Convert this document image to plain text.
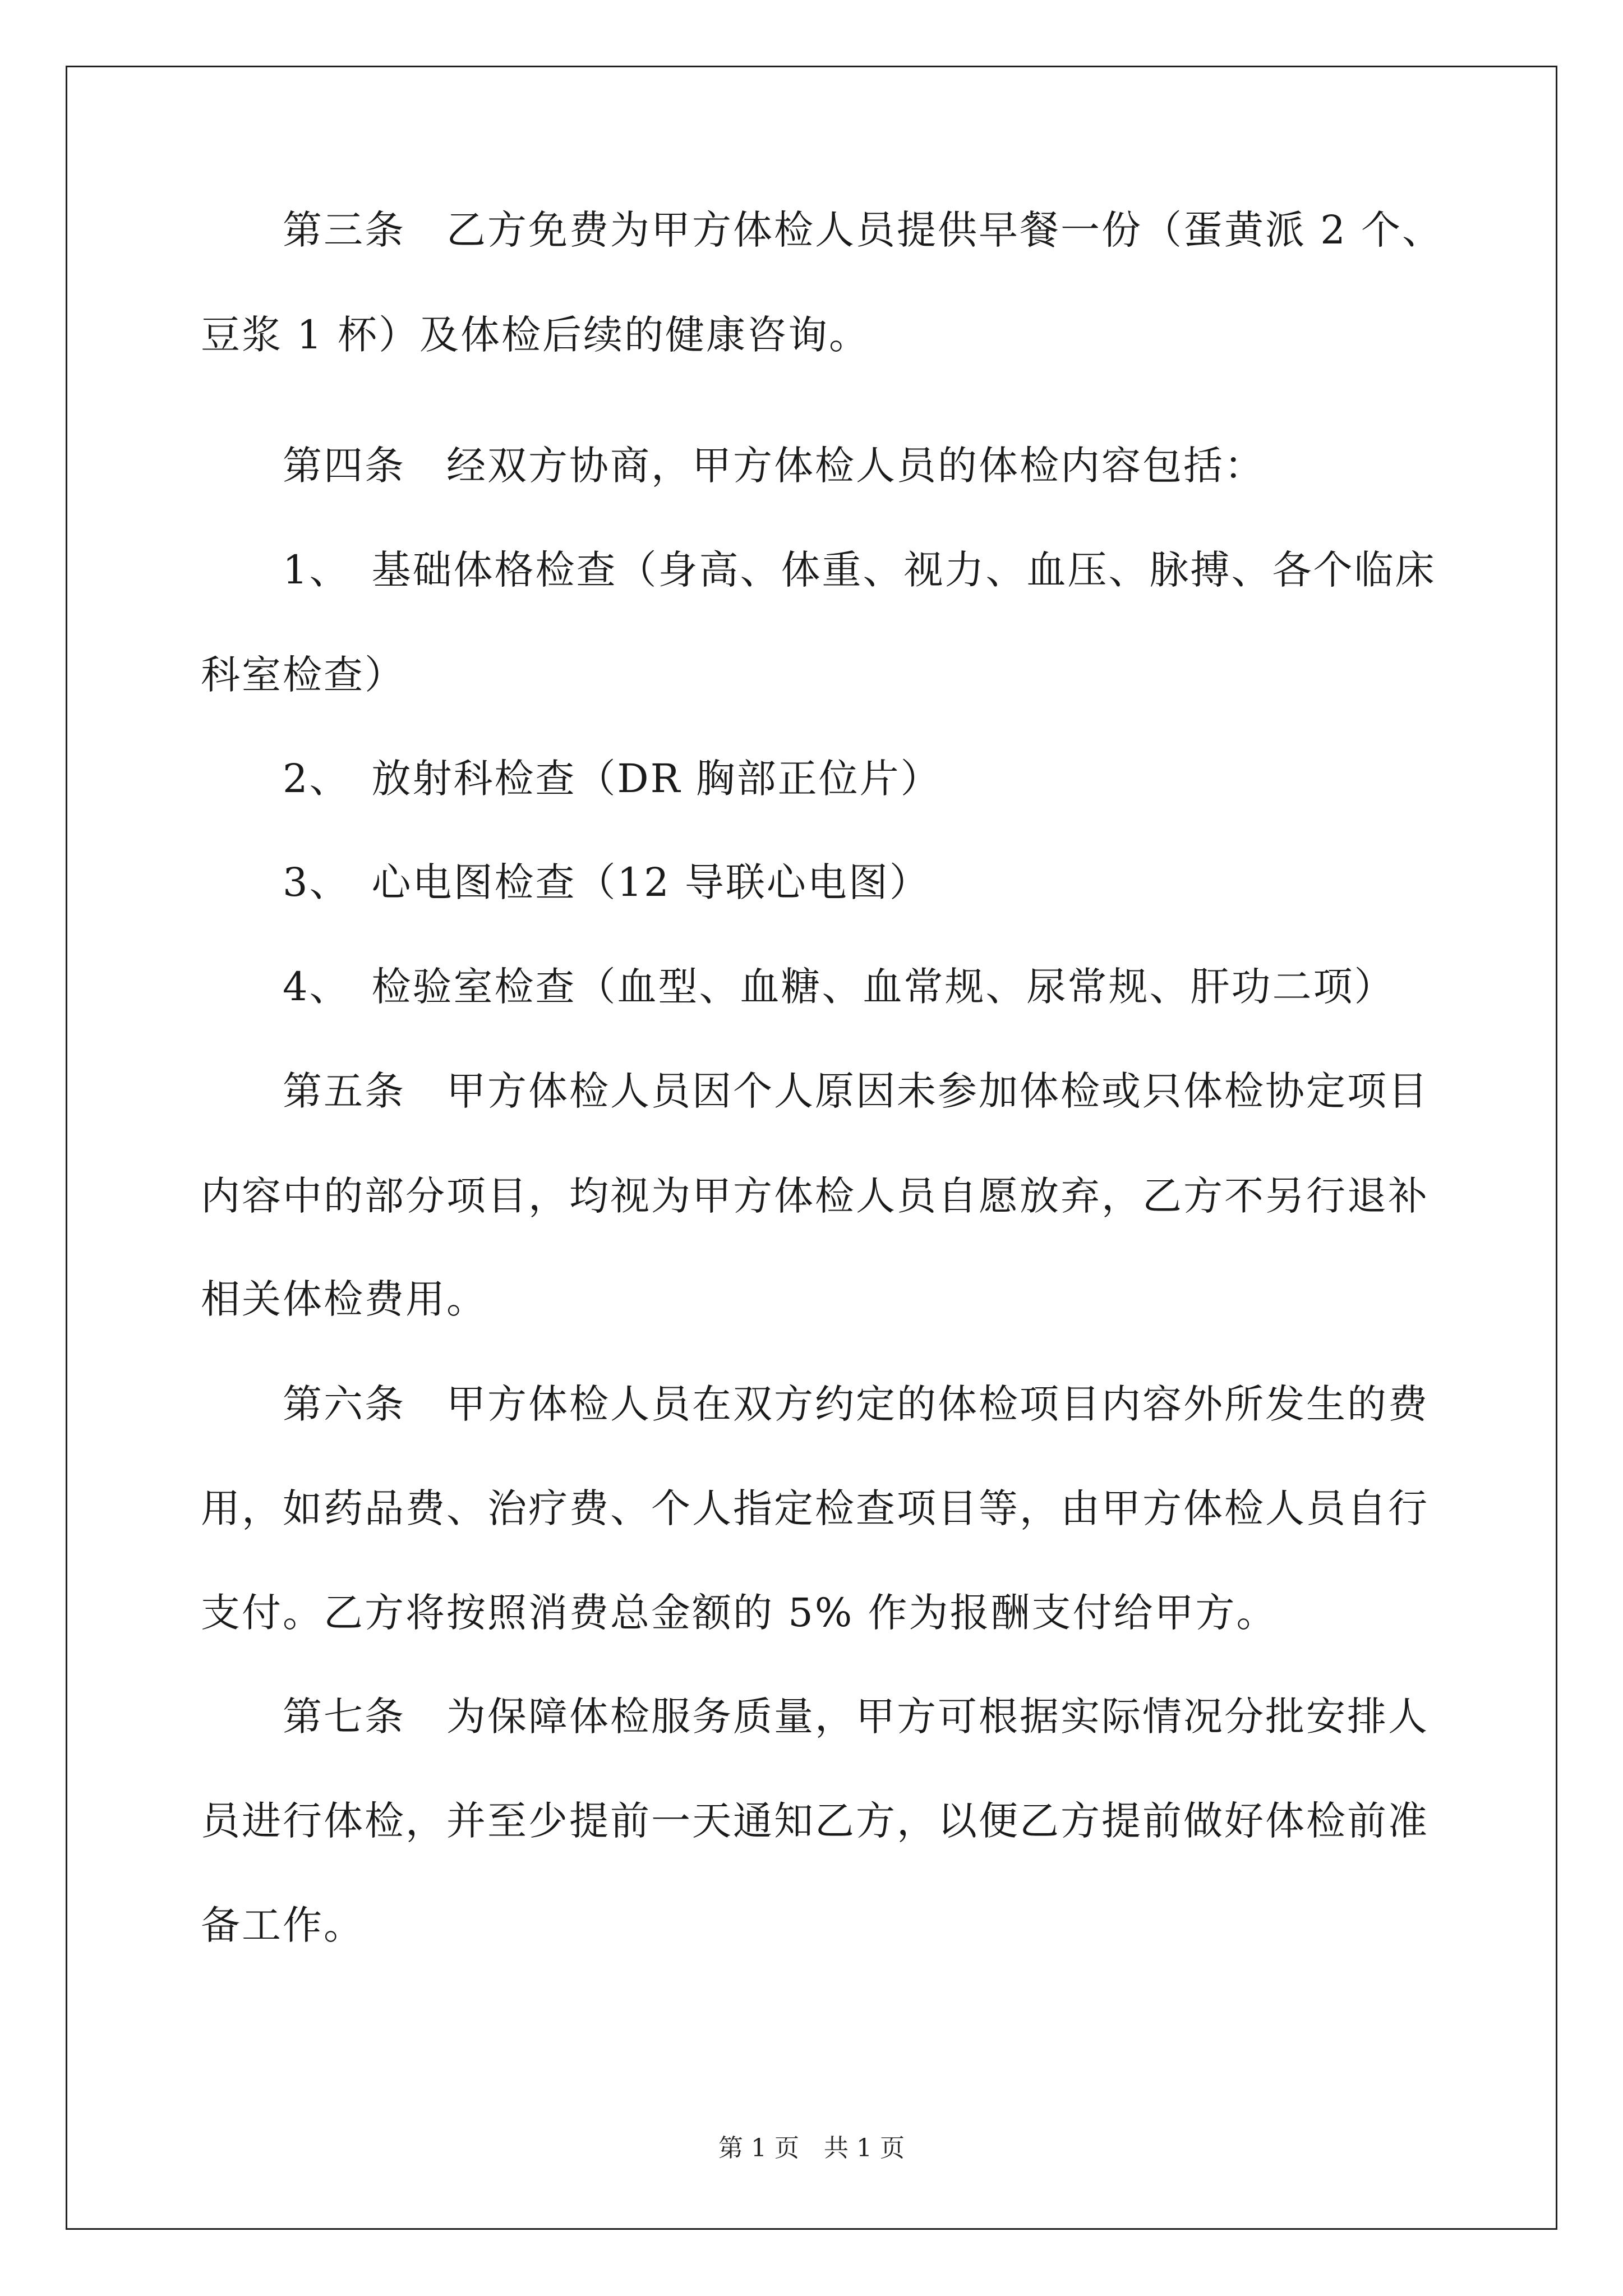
　　第三条　乙方免费为甲方体检人员提供早餐一份（蛋黄派 2 个、
豆浆 1 杯）及体检后续的健康咨询。
　　第四条　经双方协商，甲方体检人员的体检内容包括：
　　1、　基础体格检查（身高、体重、视力、血压、脉搏、各个临床
科室检查）
　　2、　放射科检查（DR 胸部正位片）
　　3、　心电图检查（12 导联心电图）
　　4、　检验室检查（血型、血糖、血常规、尿常规、肝功二项）
　　第五条　甲方体检人员因个人原因未参加体检或只体检协定项目
内容中的部分项目，均视为甲方体检人员自愿放弃，乙方不另行退补
相关体检费用。
　　第六条　甲方体检人员在双方约定的体检项目内容外所发生的费
用，如药品费、治疗费、个人指定检查项目等，由甲方体检人员自行
支付。乙方将按照消费总金额的 5% 作为报酬支付给甲方。
　　第七条　为保障体检服务质量，甲方可根据实际情况分批安排人
员进行体检，并至少提前一天通知乙方，以便乙方提前做好体检前准
备工作。
第 1 页　共 1 页
